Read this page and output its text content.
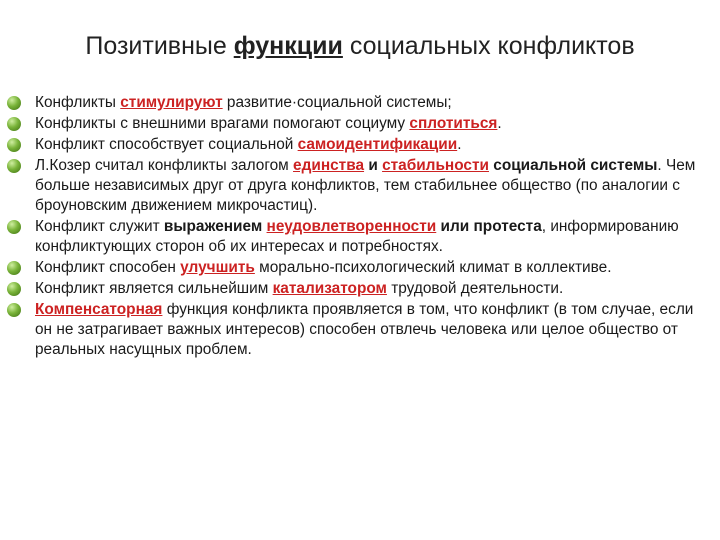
Позитивные функции социальных конфликтов
Конфликты стимулируют развитие·социальной системы;
Конфликты с внешними врагами помогают социуму сплотиться.
Конфликт способствует социальной самоидентификации.
Л.Козер считал конфликты залогом единства и стабильности социальной системы. Чем больше независимых друг от друга конфликтов, тем стабильнее общество (по аналогии с броуновским движением микрочастиц).
Конфликт служит выражением неудовлетворенности или протеста, информированию конфликтующих сторон об их интересах и потребностях.
Конфликт способен улучшить морально-психологический климат в коллективе.
Конфликт является сильнейшим катализатором трудовой деятельности.
Компенсаторная функция конфликта проявляется в том, что конфликт (в том случае, если он не затрагивает важных интересов) способен отвлечь человека или целое общество от реальных насущных проблем.
